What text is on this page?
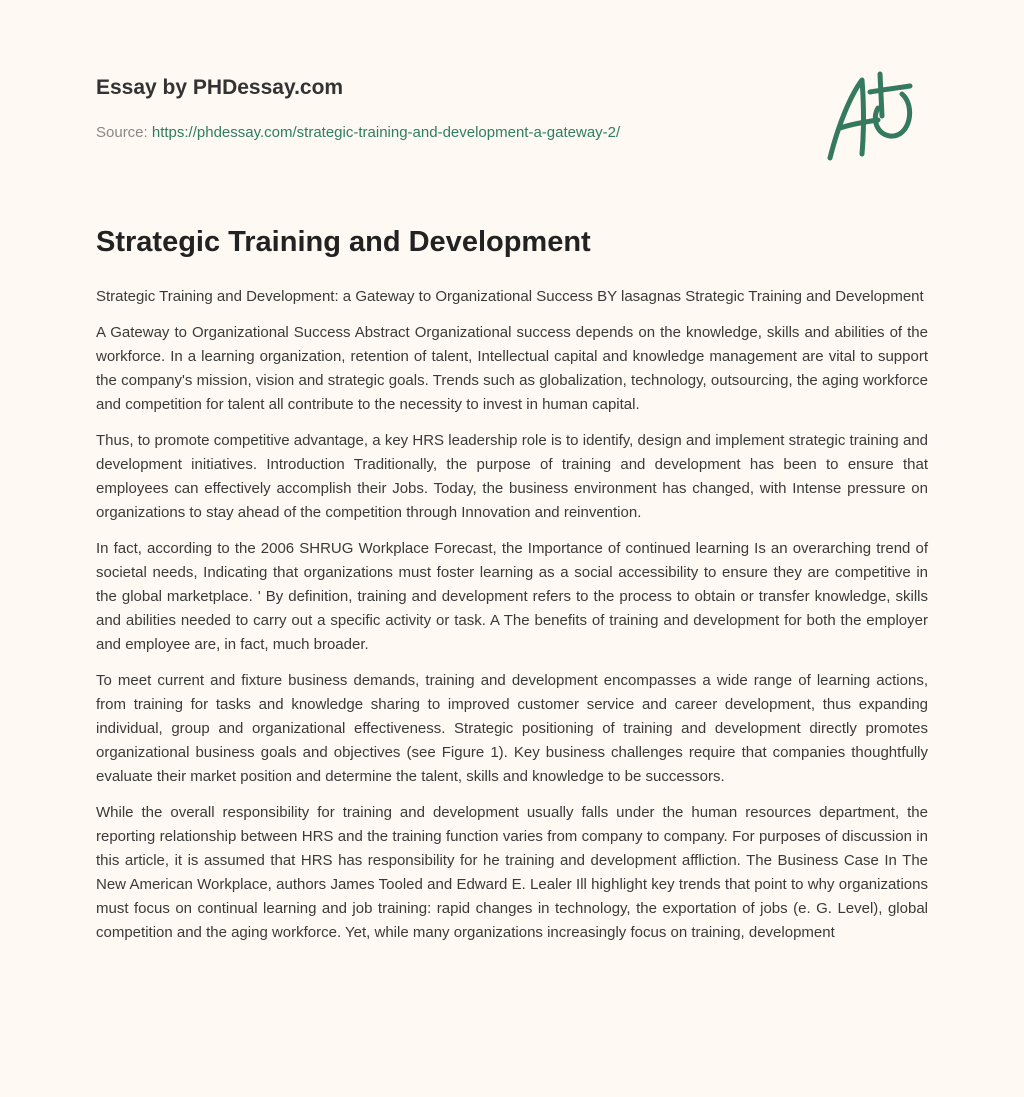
Essay by PHDessay.com
Source: https://phdessay.com/strategic-training-and-development-a-gateway-2/
Strategic Training and Development

Strategic Training and Development: a Gateway to Organizational Success BY lasagnas Strategic Training and Development

A Gateway to Organizational Success Abstract Organizational success depends on the knowledge, skills and abilities of the workforce. In a learning organization, retention of talent, Intellectual capital and knowledge management are vital to support the company's mission, vision and strategic goals. Trends such as globalization, technology, outsourcing, the aging workforce and competition for talent all contribute to the necessity to invest in human capital.

Thus, to promote competitive advantage, a key HRS leadership role is to identify, design and implement strategic training and development initiatives. Introduction Traditionally, the purpose of training and development has been to ensure that employees can effectively accomplish their Jobs. Today, the business environment has changed, with Intense pressure on organizations to stay ahead of the competition through Innovation and reinvention.

In fact, according to the 2006 SHRUG Workplace Forecast, the Importance of continued learning Is an overarching trend of societal needs, Indicating that organizations must foster learning as a social accessibility to ensure they are competitive in the global marketplace. ' By definition, training and development refers to the process to obtain or transfer knowledge, skills and abilities needed to carry out a specific activity or task. A The benefits of training and development for both the employer and employee are, in fact, much broader.

To meet current and fixture business demands, training and development encompasses a wide range of learning actions, from training for tasks and knowledge sharing to improved customer service and career development, thus expanding individual, group and organizational effectiveness. Strategic positioning of training and development directly promotes organizational business goals and objectives (see Figure 1). Key business challenges require that companies thoughtfully evaluate their market position and determine the talent, skills and knowledge to be successors.

While the overall responsibility for training and development usually falls under the human resources department, the reporting relationship between HRS and the training function varies from company to company. For purposes of discussion in this article, it is assumed that HRS has responsibility for he training and development affliction. The Business Case In The New American Workplace, authors James Tooled and Edward E. Lealer Ill highlight key trends that point to why organizations must focus on continual learning and job training: rapid changes in technology, the exportation of jobs (e. G. Level), global competition and the aging workforce. Yet, while many organizations increasingly focus on training, development
